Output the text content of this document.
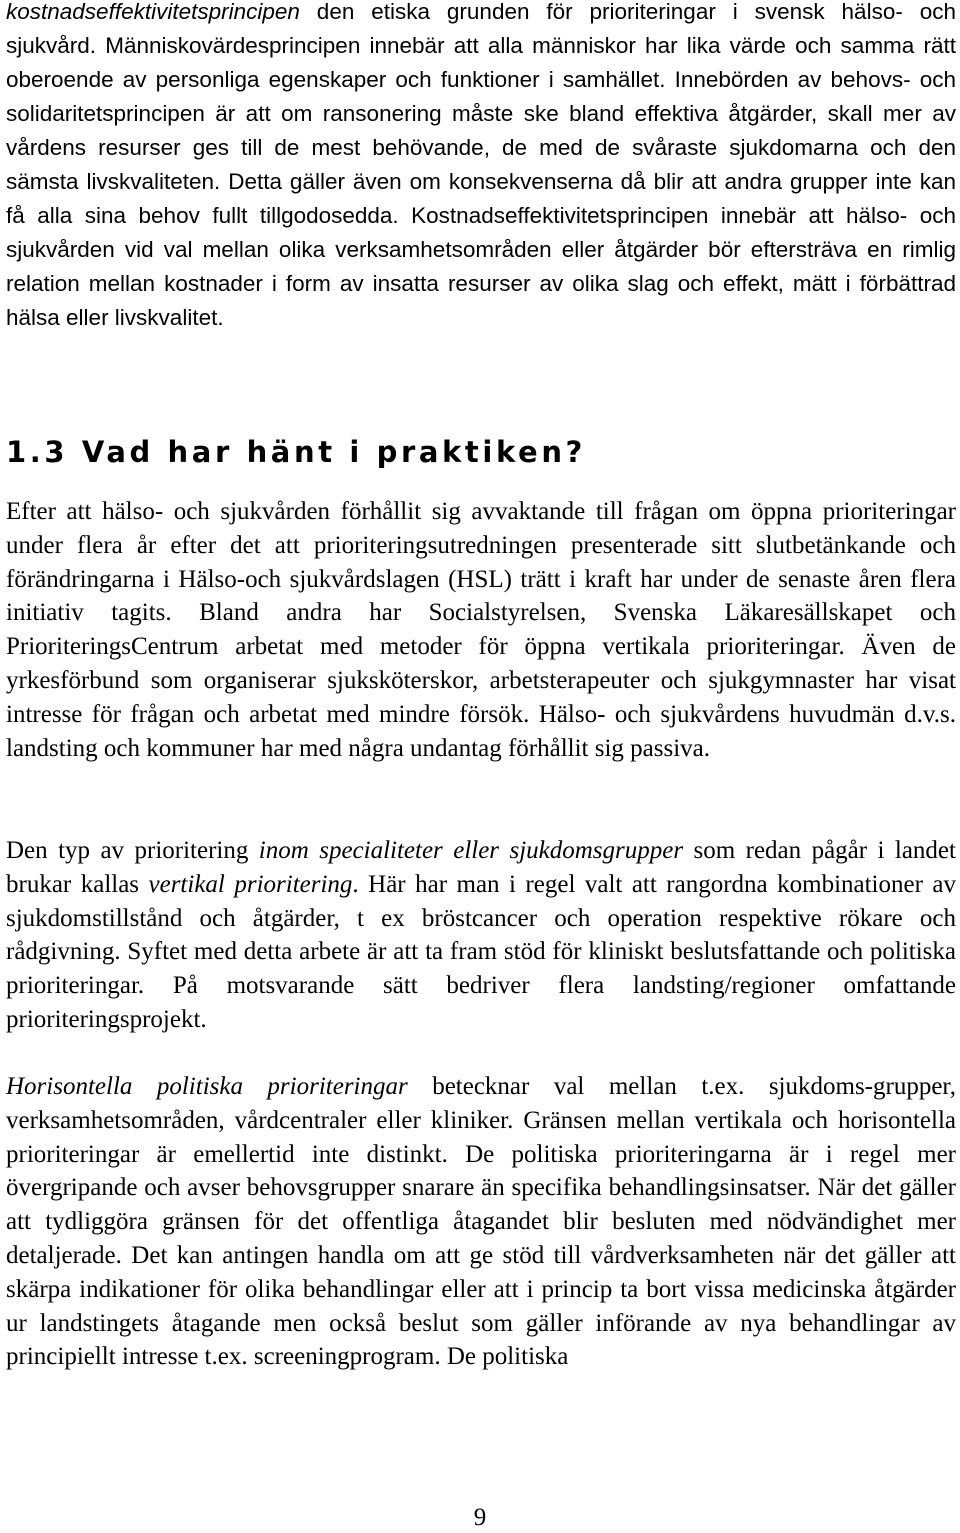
kostnadseffektivitetsprincipen den etiska grunden för prioriteringar i svensk hälso- och sjukvård. Människovärdesprincipen innebär att alla människor har lika värde och samma rätt oberoende av personliga egenskaper och funktioner i samhället. Innebörden av behovs- och solidaritetsprincipen är att om ransonering måste ske bland effektiva åtgärder, skall mer av vårdens resurser ges till de mest behövande, de med de svåraste sjukdomarna och den sämsta livskvaliteten. Detta gäller även om konsekvenserna då blir att andra grupper inte kan få alla sina behov fullt tillgodosedda. Kostnadseffektivitetsprincipen innebär att hälso- och sjukvården vid val mellan olika verksamhetsområden eller åtgärder bör eftersträva en rimlig relation mellan kostnader i form av insatta resurser av olika slag och effekt, mätt i förbättrad hälsa eller livskvalitet.

1.3 Vad har hänt i praktiken?

Efter att hälso- och sjukvården förhållit sig avvaktande till frågan om öppna prioriteringar under flera år efter det att prioriteringsutredningen presenterade sitt slutbetänkande och förändringarna i Hälso-och sjukvårdslagen (HSL) trätt i kraft har under de senaste åren flera initiativ tagits. Bland andra har Socialstyrelsen, Svenska Läkaresällskapet och PrioriteringsCentrum arbetat med metoder för öppna vertikala prioriteringar. Även de yrkesförbund som organiserar sjuksköterskor, arbetsterapeuter och sjukgymnaster har visat intresse för frågan och arbetat med mindre försök. Hälso- och sjukvårdens huvudmän d.v.s. landsting och kommuner har med några undantag förhållit sig passiva.

Den typ av prioritering inom specialiteter eller sjukdomsgrupper som redan pågår i landet brukar kallas vertikal prioritering. Här har man i regel valt att rangordna kombinationer av sjukdomstillstånd och åtgärder, t ex bröstcancer och operation respektive rökare och rådgivning. Syftet med detta arbete är att ta fram stöd för kliniskt beslutsfattande och politiska prioriteringar. På motsvarande sätt bedriver flera landsting/regioner omfattande prioriteringsprojekt.

Horisontella politiska prioriteringar betecknar val mellan t.ex. sjukdoms-grupper, verksamhetsområden, vårdcentraler eller kliniker. Gränsen mellan vertikala och horisontella prioriteringar är emellertid inte distinkt. De politiska prioriteringarna är i regel mer övergripande och avser behovsgrupper snarare än specifika behandlingsinsatser. När det gäller att tydliggöra gränsen för det offentliga åtagandet blir besluten med nödvändighet mer detaljerade. Det kan antingen handla om att ge stöd till vårdverksamheten när det gäller att skärpa indikationer för olika behandlingar eller att i princip ta bort vissa medicinska åtgärder ur landstingets åtagande men också beslut som gäller införande av nya behandlingar av principiellt intresse t.ex. screeningprogram. De politiska

9
